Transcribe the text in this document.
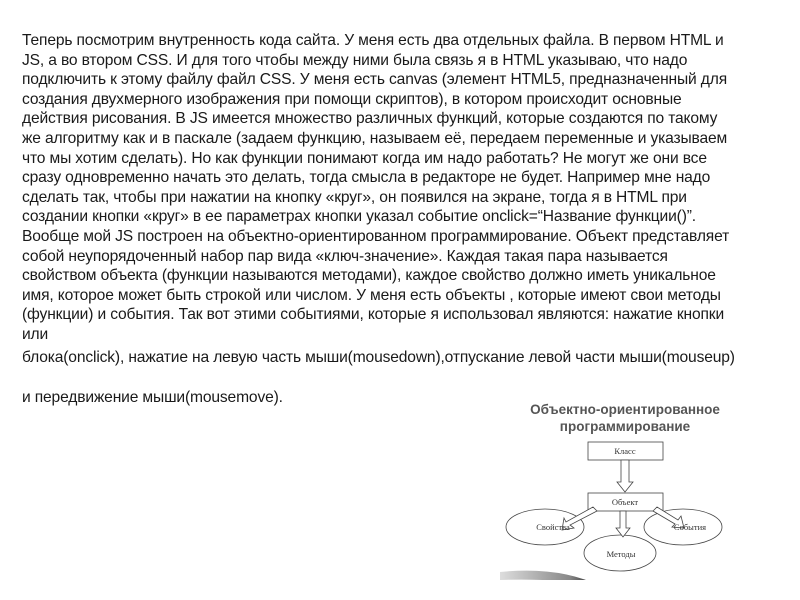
Теперь посмотрим внутренность кода сайта. У меня есть два отдельных файла. В первом HTML и
JS, а во втором CSS. И для того чтобы между ними была связь я в HTML указываю, что надо
подключить к этому файлу файл CSS. У меня есть canvas (элемент HTML5, предназначенный для
создания двухмерного изображения при помощи скриптов), в котором происходит основные
действия рисования. В JS имеется множество различных функций, которые создаются по такому
же алгоритму как и в паскале (задаем функцию, называем её, передаем переменные и указываем
что мы хотим сделать). Но как функции понимают когда им надо работать? Не могут же они все
сразу одновременно начать это делать, тогда смысла в редакторе не будет. Например мне надо
сделать так, чтобы при нажатии на кнопку «круг», он появился на экране, тогда я в HTML при
создании кнопки «круг» в ее параметрах кнопки указал событие onclick=“Название функции()”.
Вообще мой JS построен на объектно-ориентированном программирование. Объект представляет
собой неупорядоченный набор пар вида «ключ-значение». Каждая такая пара называется
свойством объекта (функции называются методами), каждое свойство должно иметь уникальное
имя, которое может быть строкой или числом. У меня есть объекты , которые имеют свои методы
(функции) и события. Так вот этими событиями, которые я использовал являются: нажатие кнопки
или
блока(onclick), нажатие на левую часть мыши(mousedown),отпускание левой части мыши(mouseup)
и передвижение мыши(mousemove).
Объектно-ориентированное
программирование
Класс
Объект
Свойства	События
Методы
